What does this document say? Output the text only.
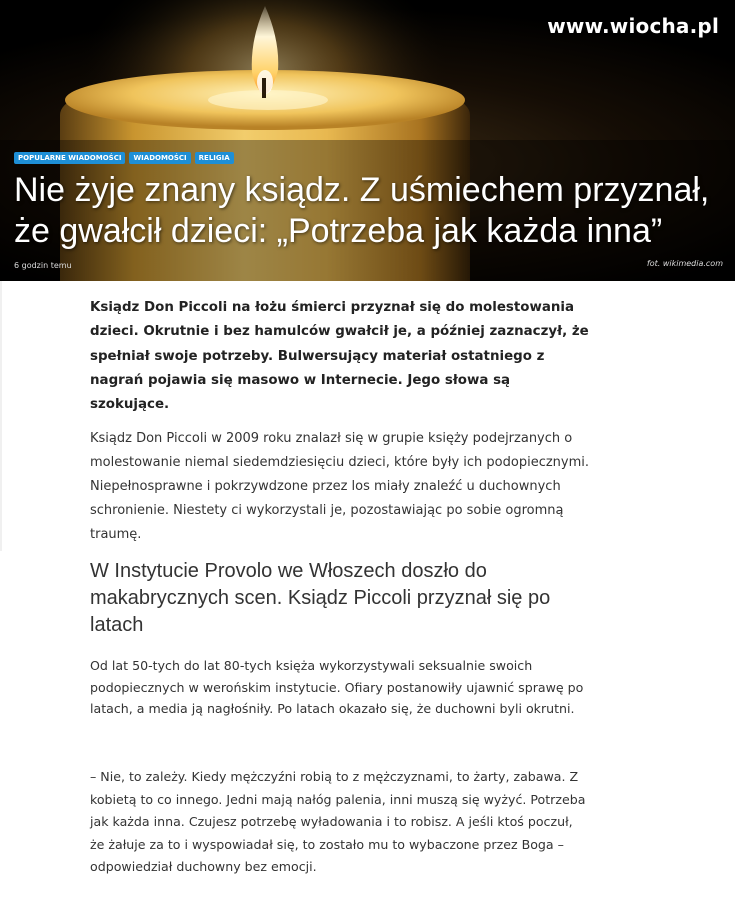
www.wiocha.pl
POPULARNE WIADOMOŚCI	WIADOMOŚCI	RELIGIA
Nie żyje znany ksiądz. Z uśmiechem przyznał, że gwałcił dzieci: „Potrzeba jak każda inna”
6 godzin temu	fot. wikimedia.com

Ksiądz Don Piccoli na łożu śmierci przyznał się do molestowania dzieci. Okrutnie i bez hamulców gwałcił je, a później zaznaczył, że spełniał swoje potrzeby. Bulwersujący materiał ostatniego z nagrań pojawia się masowo w Internecie. Jego słowa są szokujące.

Ksiądz Don Piccoli w 2009 roku znalazł się w grupie księży podejrzanych o molestowanie niemal siedemdziesięciu dzieci, które były ich podopiecznymi. Niepełnosprawne i pokrzywdzone przez los miały znaleźć u duchownych schronienie. Niestety ci wykorzystali je, pozostawiając po sobie ogromną traumę.

W Instytucie Provolo we Włoszech doszło do makabrycznych scen. Ksiądz Piccoli przyznał się po latach

Od lat 50-tych do lat 80-tych księża wykorzystywali seksualnie swoich podopiecznych w werońskim instytucie. Ofiary postanowiły ujawnić sprawę po latach, a media ją nagłośniły. Po latach okazało się, że duchowni byli okrutni.

– Nie, to zależy. Kiedy mężczyźni robią to z mężczyznami, to żarty, zabawa. Z kobietą to co innego. Jedni mają nałóg palenia, inni muszą się wyżyć. Potrzeba jak każda inna. Czujesz potrzebę wyładowania i to robisz. A jeśli ktoś poczuł, że żałuje za to i wyspowiadał się, to zostało mu to wybaczone przez Boga – odpowiedział duchowny bez emocji.
